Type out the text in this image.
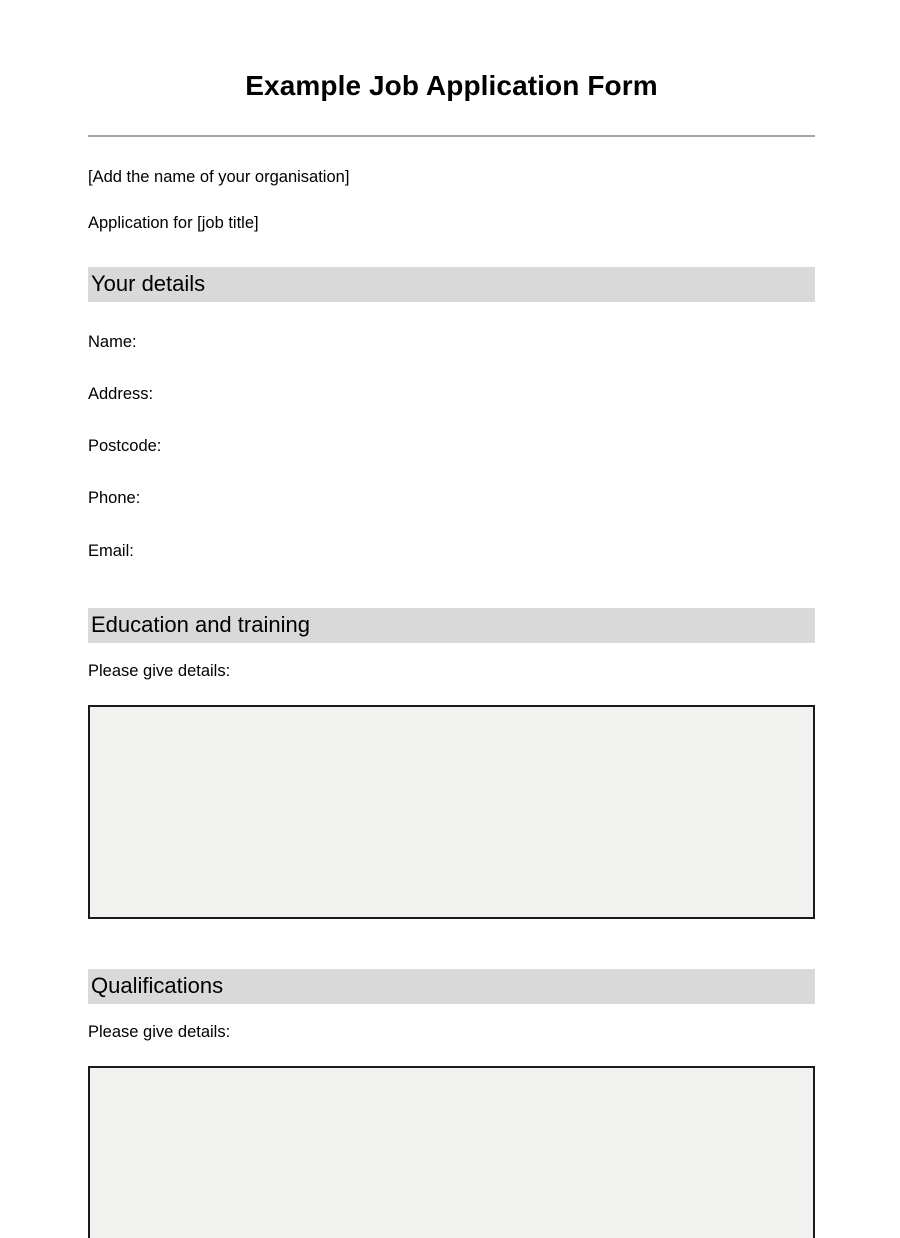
Example Job Application Form

[Add the name of your organisation]

Application for [job title]

Your details

Name:

Address:

Postcode:

Phone:

Email:

Education and training

Please give details:

Qualifications

Please give details:
